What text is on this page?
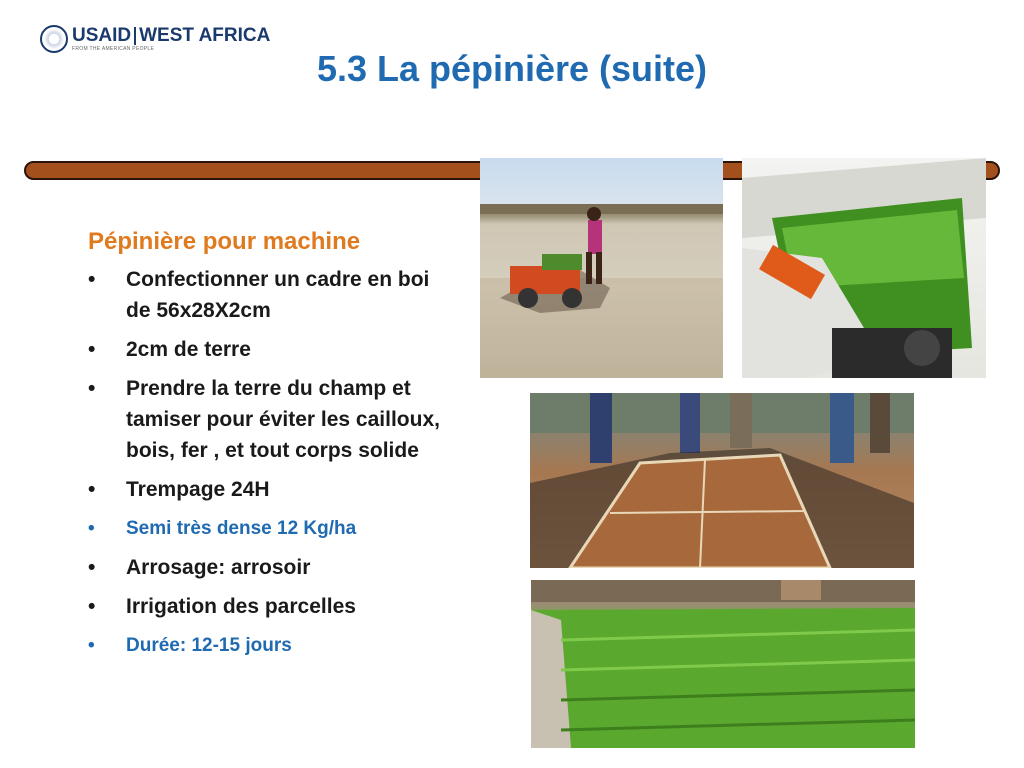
USAID WEST AFRICA
FROM THE AMERICAN PEOPLE	5.3 La pépinière (suite)
Pépinière pour machine
• Confectionner un cadre en boi
de 56x28X2cm
• 2cm de terre
• Prendre la terre du champ et
tamiser pour éviter les cailloux,
bois, fer , et tout corps solide
• Trempage 24H
• Semi très dense 12 Kg/ha
• Arrosage: arrosoir
• Irrigation des parcelles
• Durée: 12-15 jours
